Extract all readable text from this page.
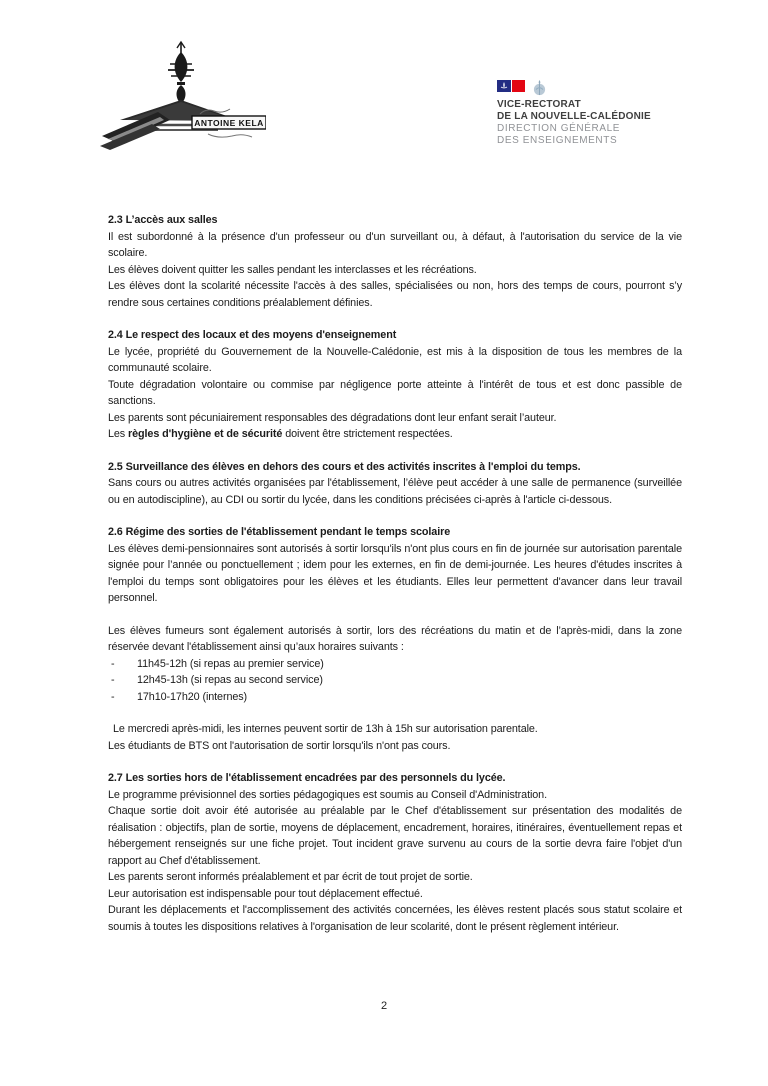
ANTOINE KELA
VICE-RECTORAT
DE LA NOUVELLE-CALÉDONIE
DIRECTION GÉNÉRALE
DES ENSEIGNEMENTS

2.3 L’accès aux salles

Il est subordonné à la présence d'un professeur ou d'un surveillant ou, à défaut, à l'autorisation du service de la vie scolaire.

Les élèves doivent quitter les salles pendant les interclasses et les récréations.

Les élèves dont la scolarité nécessite l'accès à des salles, spécialisées ou non, hors des temps de cours, pourront s’y rendre sous certaines conditions préalablement définies.

2.4 Le respect des locaux et des moyens d'enseignement

Le lycée, propriété du Gouvernement de la Nouvelle-Calédonie, est mis à la disposition de tous les membres de la communauté scolaire.

Toute dégradation volontaire ou commise par négligence porte atteinte à l'intérêt de tous et est donc passible de sanctions.

Les parents sont pécuniairement responsables des dégradations dont leur enfant serait l’auteur.

Les règles d'hygiène et de sécurité doivent être strictement respectées.

2.5 Surveillance des élèves en dehors des cours et des activités inscrites à l'emploi du temps.

Sans cours ou autres activités organisées par l'établissement, l’élève peut accéder à une salle de permanence (surveillée ou en autodiscipline), au CDI ou sortir du lycée, dans les conditions précisées ci-après à l'article ci-dessous.

2.6 Régime des sorties de l'établissement pendant le temps scolaire

Les élèves demi-pensionnaires sont autorisés à sortir lorsqu'ils n'ont plus cours en fin de journée sur autorisation parentale signée pour l’année ou ponctuellement ; idem pour les externes, en fin de demi-journée. Les heures d'études inscrites à l'emploi du temps sont obligatoires pour les élèves et les étudiants. Elles leur permettent d'avancer dans leur travail personnel.

Les élèves fumeurs sont également autorisés à sortir, lors des récréations du matin et de l’après-midi, dans la zone réservée devant l'établissement ainsi qu’aux horaires suivants :

-	11h45-12h (si repas au premier service)
-	12h45-13h (si repas au second service)
-	17h10-17h20 (internes)

Le mercredi après-midi, les internes peuvent sortir de 13h à 15h sur autorisation parentale.

Les étudiants de BTS ont l'autorisation de sortir lorsqu'ils n'ont pas cours.

2.7 Les sorties hors de l'établissement encadrées par des personnels du lycée.

Le programme prévisionnel des sorties pédagogiques est soumis au Conseil d'Administration.

Chaque sortie doit avoir été autorisée au préalable par le Chef d'établissement sur présentation des modalités de réalisation : objectifs, plan de sortie, moyens de déplacement, encadrement, horaires, itinéraires, éventuellement repas et hébergement renseignés sur une fiche projet. Tout incident grave survenu au cours de la sortie devra faire l'objet d'un rapport au Chef d'établissement.

Les parents seront informés préalablement et par écrit de tout projet de sortie.

Leur autorisation est indispensable pour tout déplacement effectué.

Durant les déplacements et l'accomplissement des activités concernées, les élèves restent placés sous statut scolaire et soumis à toutes les dispositions relatives à l'organisation de leur scolarité, dont le présent règlement intérieur.

2
